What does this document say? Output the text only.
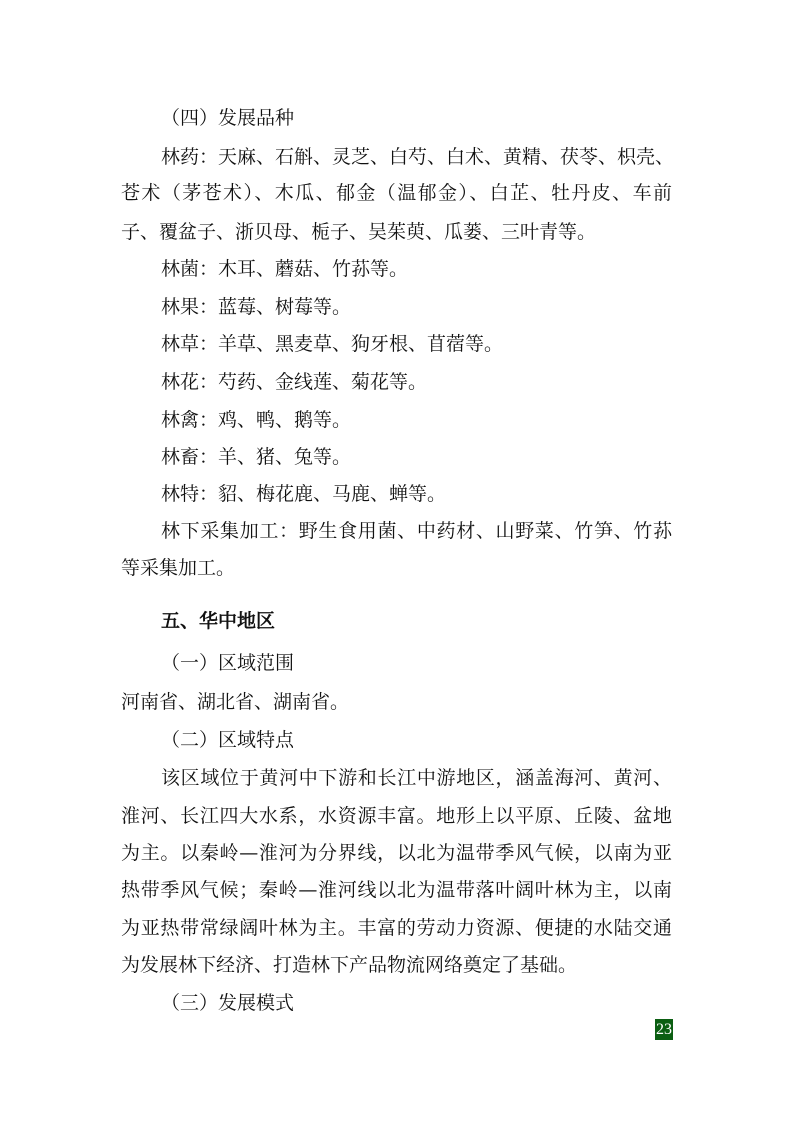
（四）发展品种
林药：天麻、石斛、灵芝、白芍、白术、黄精、茯苓、枳壳、
苍术（茅苍术）、木瓜、郁金（温郁金）、白芷、牡丹皮、车前
子、覆盆子、浙贝母、栀子、吴茱萸、瓜蒌、三叶青等。
林菌：木耳、蘑菇、竹荪等。
林果：蓝莓、树莓等。
林草：羊草、黑麦草、狗牙根、苜蓿等。
林花：芍药、金线莲、菊花等。
林禽：鸡、鸭、鹅等。
林畜：羊、猪、兔等。
林特：貂、梅花鹿、马鹿、蝉等。
林下采集加工：野生食用菌、中药材、山野菜、竹笋、竹荪
等采集加工。
五、华中地区
（一）区域范围
河南省、湖北省、湖南省。
（二）区域特点
该区域位于黄河中下游和长江中游地区，涵盖海河、黄河、
淮河、长江四大水系，水资源丰富。地形上以平原、丘陵、盆地
为主。以秦岭—淮河为分界线，以北为温带季风气候，以南为亚
热带季风气候；秦岭—淮河线以北为温带落叶阔叶林为主，以南
为亚热带常绿阔叶林为主。丰富的劳动力资源、便捷的水陆交通
为发展林下经济、打造林下产品物流网络奠定了基础。
（三）发展模式
23
